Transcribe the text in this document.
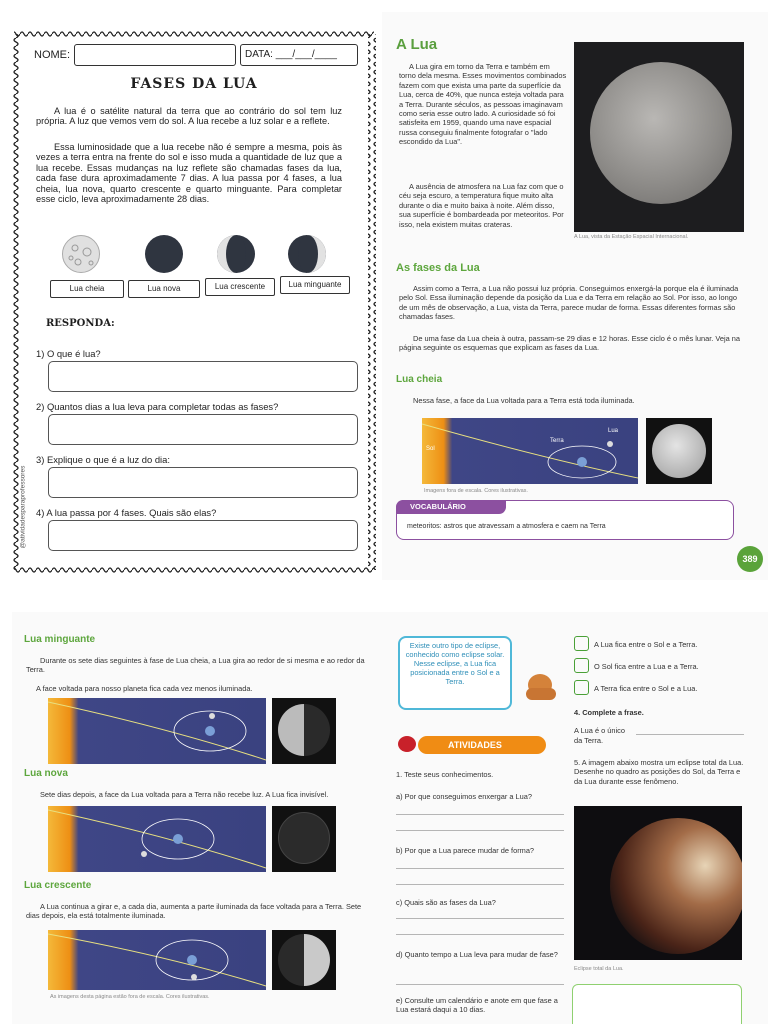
NOME:	DATA: ___/___/____
FASES DA LUA
A lua é o satélite natural da terra que ao contrário do sol tem luz própria. A luz que vemos vem do sol. A lua recebe a luz solar e a reflete.
Essa luminosidade que a lua recebe não é sempre a mesma, pois às vezes a terra entra na frente do sol e isso muda a quantidade de luz que a lua recebe. Essas mudanças na luz reflete são chamadas fases da lua, cada fase dura aproximadamente 7 dias. A lua passa por 4 fases, a lua cheia, lua nova, quarto crescente e quarto minguante. Para completar esse ciclo, leva aproximadamente 28 dias.
Lua cheia	Lua nova	Lua crescente	Lua minguante
RESPONDA:
1) O que é lua?
2) Quantos dias a lua leva para completar todas as fases?
3) Explique o que é a luz do dia:
4) A lua passa por 4 fases. Quais são elas?
@atividadesparaprofessores
A Lua
A Lua gira em torno da Terra e também em torno dela mesma. Esses movimentos combinados fazem com que exista uma parte da superfície da Lua, cerca de 40%, que nunca esteja voltada para a Terra. Durante séculos, as pessoas imaginavam como seria esse outro lado. A curiosidade só foi satisfeita em 1959, quando uma nave espacial russa conseguiu finalmente fotografar o "lado escondido da Lua".
A ausência de atmosfera na Lua faz com que o céu seja escuro, a temperatura fique muito alta durante o dia e muito baixa à noite. Além disso, sua superfície é bombardeada por meteoritos. Por isso, nela existem muitas crateras.
A Lua, vista da Estação Espacial Internacional.
As fases da Lua
Assim como a Terra, a Lua não possui luz própria. Conseguimos enxergá-la porque ela é iluminada pelo Sol. Essa iluminação depende da posição da Lua e da Terra em relação ao Sol. Por isso, ao longo de um mês de observação, a Lua, vista da Terra, parece mudar de forma. Essas diferentes formas são chamadas fases.
De uma fase da Lua cheia à outra, passam-se 29 dias e 12 horas. Esse ciclo é o mês lunar. Veja na página seguinte os esquemas que explicam as fases da Lua.
Lua cheia
Nessa fase, a face da Lua voltada para a Terra está toda iluminada.
Sol
Terra
Lua
Imagens fora de escala. Cores ilustrativas.
VOCABULÁRIO
meteoritos: astros que atravessam a atmosfera e caem na Terra
389
Lua minguante
Durante os sete dias seguintes à fase de Lua cheia, a Lua gira ao redor de si mesma e ao redor da Terra.
A face voltada para nosso planeta fica cada vez menos iluminada.
Lua nova
Sete dias depois, a face da Lua voltada para a Terra não recebe luz. A Lua fica invisível.
Lua crescente
A Lua continua a girar e, a cada dia, aumenta a parte iluminada da face voltada para a Terra. Sete dias depois, ela está totalmente iluminada.
As imagens desta página estão fora de escala. Cores ilustrativas.
Existe outro tipo de eclipse, conhecido como eclipse solar. Nesse eclipse, a Lua fica posicionada entre o Sol e a Terra.
ATIVIDADES
1. Teste seus conhecimentos.
a) Por que conseguimos enxergar a Lua?
b) Por que a Lua parece mudar de forma?
c) Quais são as fases da Lua?
d) Quanto tempo a Lua leva para mudar de fase?
e) Consulte um calendário e anote em que fase a Lua estará daqui a 10 dias.
A Lua fica entre o Sol e a Terra.
O Sol fica entre a Lua e a Terra.
A Terra fica entre o Sol e a Lua.
4. Complete a frase.
A Lua é o único
da Terra.
5. A imagem abaixo mostra um eclipse total da Lua. Desenhe no quadro as posições do Sol, da Terra e da Lua durante esse fenômeno.
Eclipse total da Lua.
